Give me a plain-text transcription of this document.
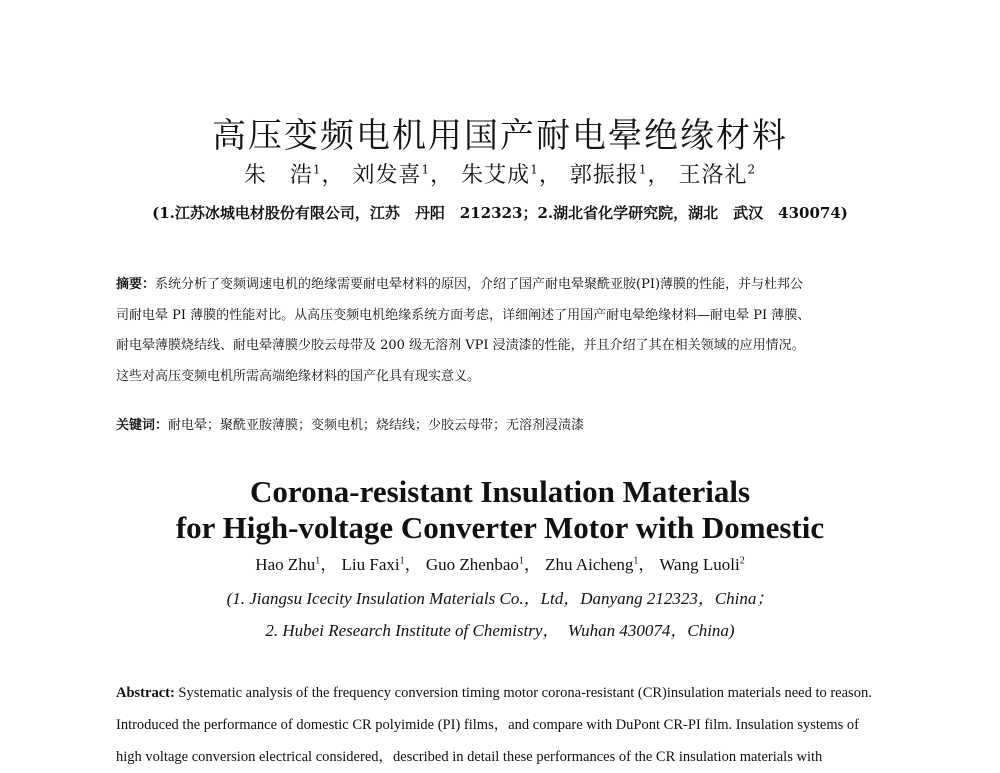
高压变频电机用国产耐电晕绝缘材料
朱　浩$^1$， 刘发喜$^1$， 朱艾成$^1$， 郭振报$^1$， 王洛礼$^2$
(1.江苏冰城电材股份有限公司，江苏　丹阳　212323；2.湖北省化学研究院，湖北　武汉　430074)
摘要：系统分析了变频调速电机的绝缘需要耐电晕材料的原因，介绍了国产耐电晕聚酰亚胺(PI)薄膜的性能，并与杜邦公
司耐电晕 PI 薄膜的性能对比。从高压变频电机绝缘系统方面考虑，详细阐述了用国产耐电晕绝缘材料—耐电晕 PI 薄膜、
耐电晕薄膜烧结线、耐电晕薄膜少胶云母带及 200 级无溶剂 VPI 浸渍漆的性能，并且介绍了其在相关领域的应用情况。
这些对高压变频电机所需高端绝缘材料的国产化具有现实意义。
关键词：耐电晕；聚酰亚胺薄膜；变频电机；烧结线；少胶云母带；无溶剂浸渍漆
Corona-resistant Insulation Materials
for High-voltage Converter Motor with Domestic
Hao Zhu$^1$， Liu Faxi$^1$， Guo Zhenbao$^1$， Zhu Aicheng$^1$， Wang Luoli$^2$
(1. Jiangsu Icecity Insulation Materials Co.，Ltd，Danyang 212323，China；
2. Hubei Research Institute of Chemistry，　Wuhan 430074，China)
Abstract: Systematic analysis of the frequency conversion timing motor corona-resistant (CR)insulation materials need to reason.
Introduced the performance of domestic CR polyimide (PI) films，and compare with DuPont CR-PI film. Insulation systems of
high voltage conversion electrical considered，described in detail these performances of the CR insulation materials with
